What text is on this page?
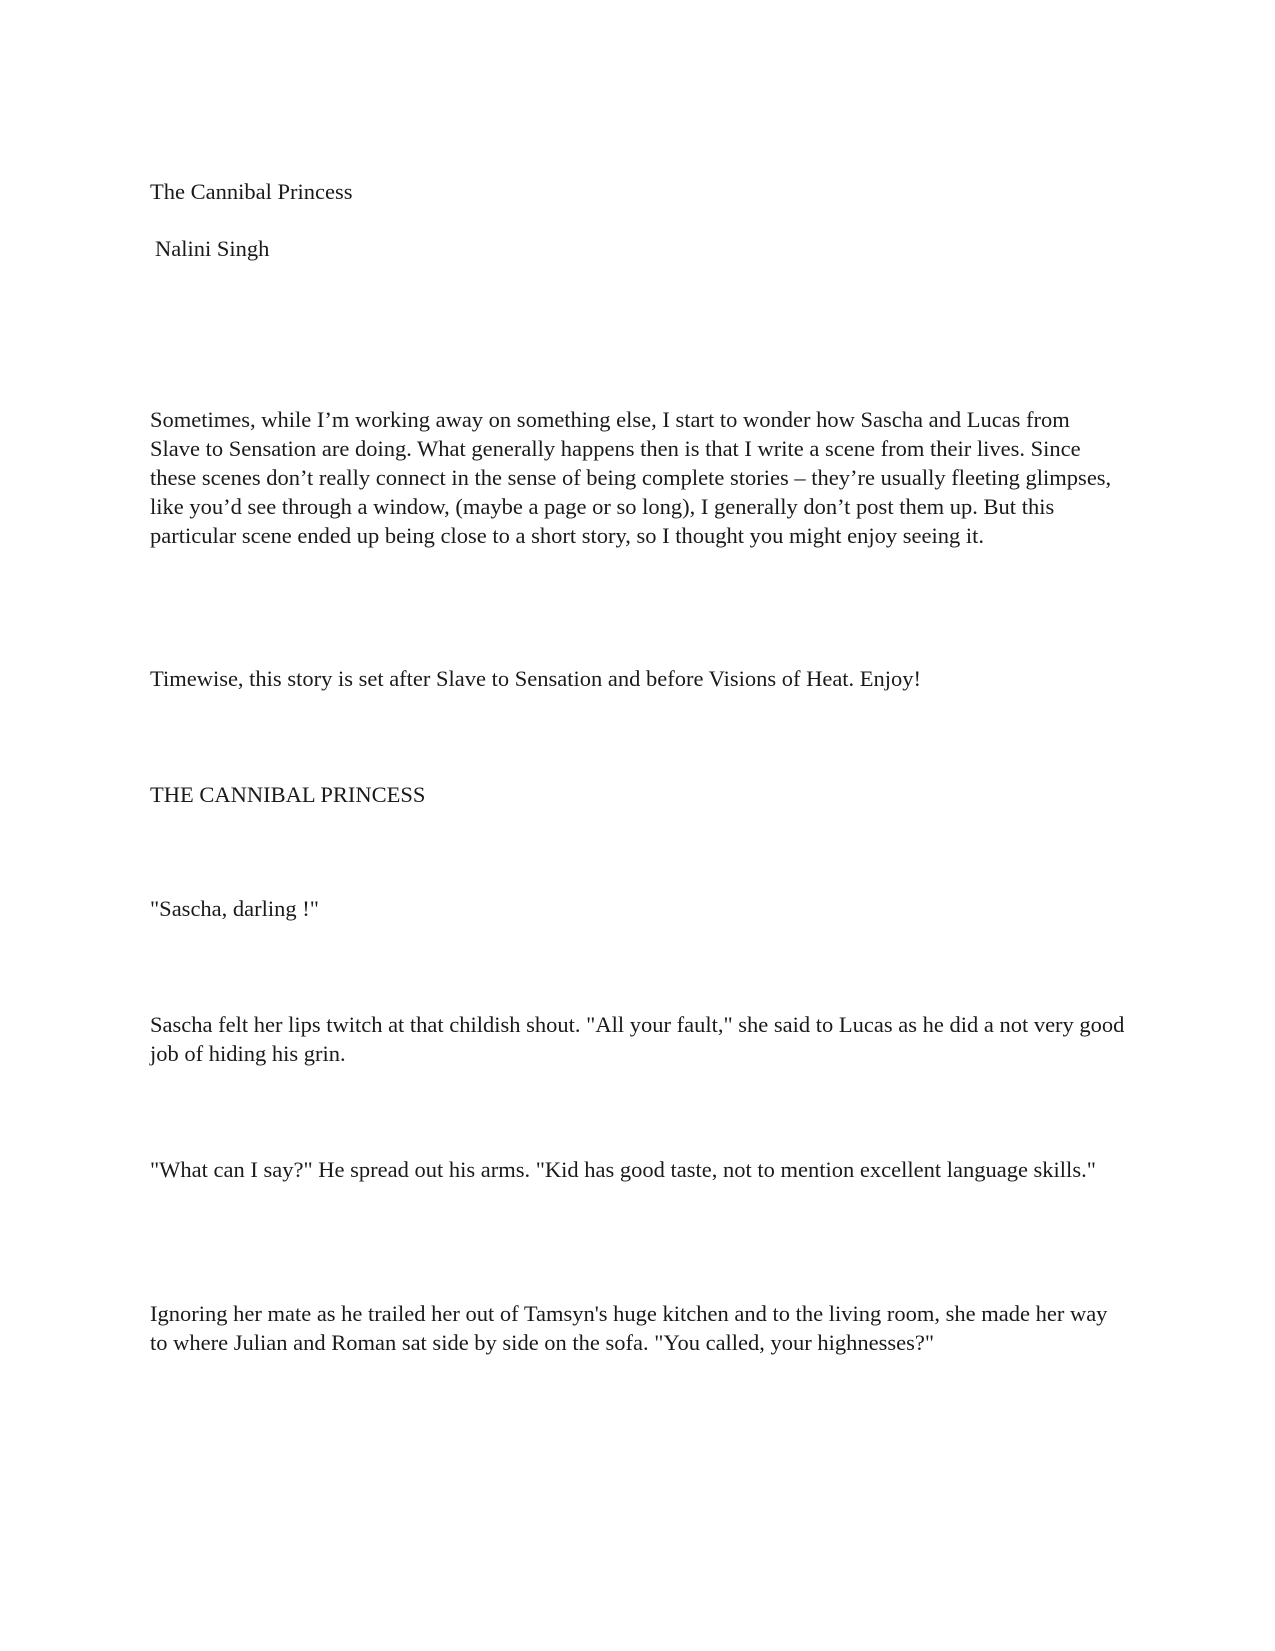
The Cannibal Princess

Nalini Singh

Sometimes, while I’m working away on something else, I start to wonder how Sascha and Lucas from Slave to Sensation are doing. What generally happens then is that I write a scene from their lives. Since these scenes don’t really connect in the sense of being complete stories – they’re usually fleeting glimpses, like you’d see through a window, (maybe a page or so long), I generally don’t post them up. But this particular scene ended up being close to a short story, so I thought you might enjoy seeing it.

Timewise, this story is set after Slave to Sensation and before Visions of Heat. Enjoy!

THE CANNIBAL PRINCESS

"Sascha, darling !"

Sascha felt her lips twitch at that childish shout. "All your fault," she said to Lucas as he did a not very good job of hiding his grin.

"What can I say?" He spread out his arms. "Kid has good taste, not to mention excellent language skills."

Ignoring her mate as he trailed her out of Tamsyn's huge kitchen and to the living room, she made her way to where Julian and Roman sat side by side on the sofa. "You called, your highnesses?"
